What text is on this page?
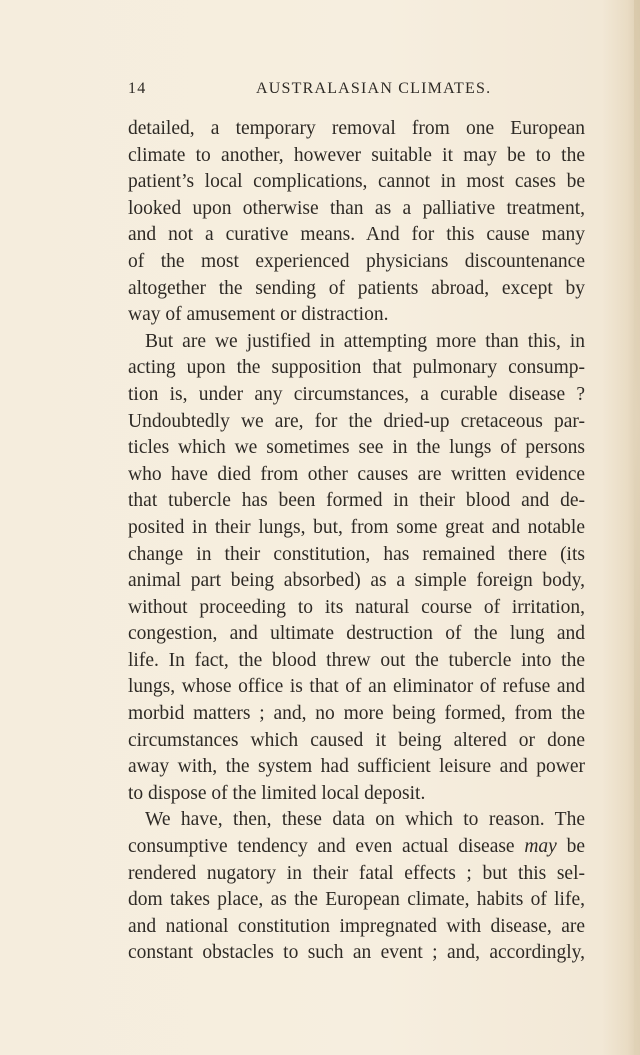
14	AUSTRALASIAN CLIMATES.
detailed, a temporary removal from one European
climate to another, however suitable it may be to the
patient’s local complications, cannot in most cases be
looked upon otherwise than as a palliative treatment,
and not a curative means. And for this cause many
of the most experienced physicians discountenance
altogether the sending of patients abroad, except by
way of amusement or distraction.
But are we justified in attempting more than this, in
acting upon the supposition that pulmonary consump-
tion is, under any circumstances, a curable disease ?
Undoubtedly we are, for the dried-up cretaceous par-
ticles which we sometimes see in the lungs of persons
who have died from other causes are written evidence
that tubercle has been formed in their blood and de-
posited in their lungs, but, from some great and notable
change in their constitution, has remained there (its
animal part being absorbed) as a simple foreign body,
without proceeding to its natural course of irritation,
congestion, and ultimate destruction of the lung and
life. In fact, the blood threw out the tubercle into the
lungs, whose office is that of an eliminator of refuse and
morbid matters ; and, no more being formed, from the
circumstances which caused it being altered or done
away with, the system had sufficient leisure and power
to dispose of the limited local deposit.
We have, then, these data on which to reason. The
consumptive tendency and even actual disease may be
rendered nugatory in their fatal effects ; but this sel-
dom takes place, as the European climate, habits of life,
and national constitution impregnated with disease, are
constant obstacles to such an event ; and, accordingly,
